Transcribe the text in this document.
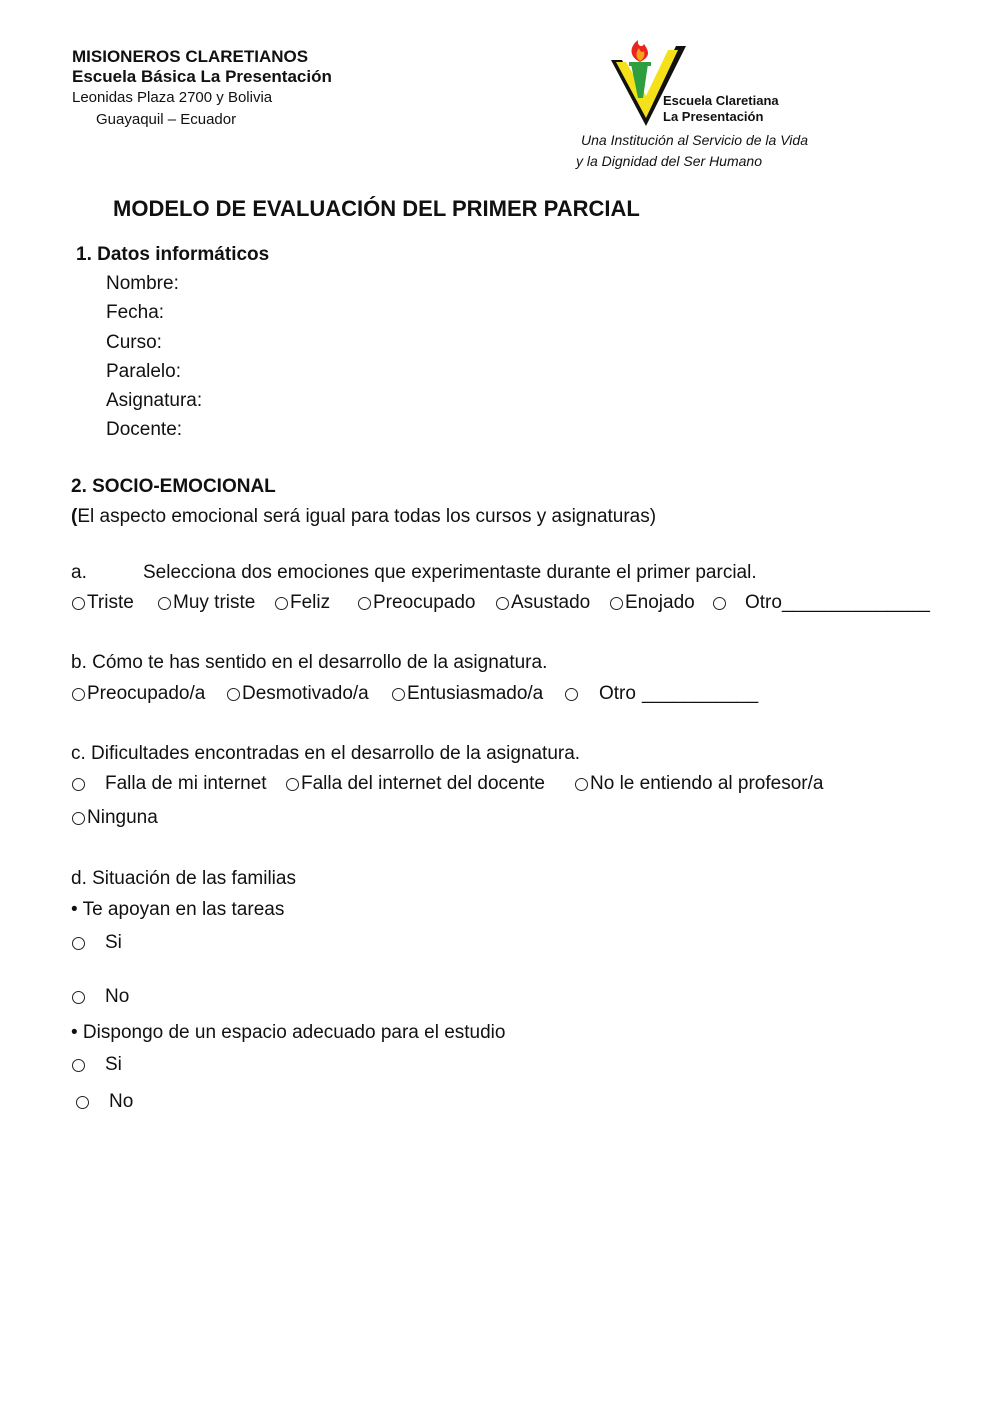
MISIONEROS CLARETIANOS
Escuela Básica La Presentación
Leonidas Plaza 2700 y Bolivia
Guayaquil – Ecuador
Escuela Claretiana
La Presentación
Una Institución al Servicio de la Vida
y la Dignidad del Ser Humano
MODELO DE EVALUACIÓN DEL PRIMER PARCIAL
1. Datos informáticos
Nombre:
Fecha:
Curso:
Paralelo:
Asignatura:
Docente:
2. SOCIO-EMOCIONAL
(El aspecto emocional será igual para todas los cursos y asignaturas)
a.	Selecciona dos emociones que experimentaste durante el primer parcial.
Triste Muy triste Feliz Preocupado Asustado Enojado	Otro ______________
b. Cómo te has sentido en el desarrollo de la asignatura.
Preocupado/a Desmotivado/a Entusiasmado/a	Otro ___________
c. Dificultades encontradas en el desarrollo de la asignatura.
Falla de mi internet Falla del internet del docente No le entiendo al profesor/a
Ninguna
d. Situación de las familias
• Te apoyan en las tareas
Si
No
• Dispongo de un espacio adecuado para el estudio
Si
No
